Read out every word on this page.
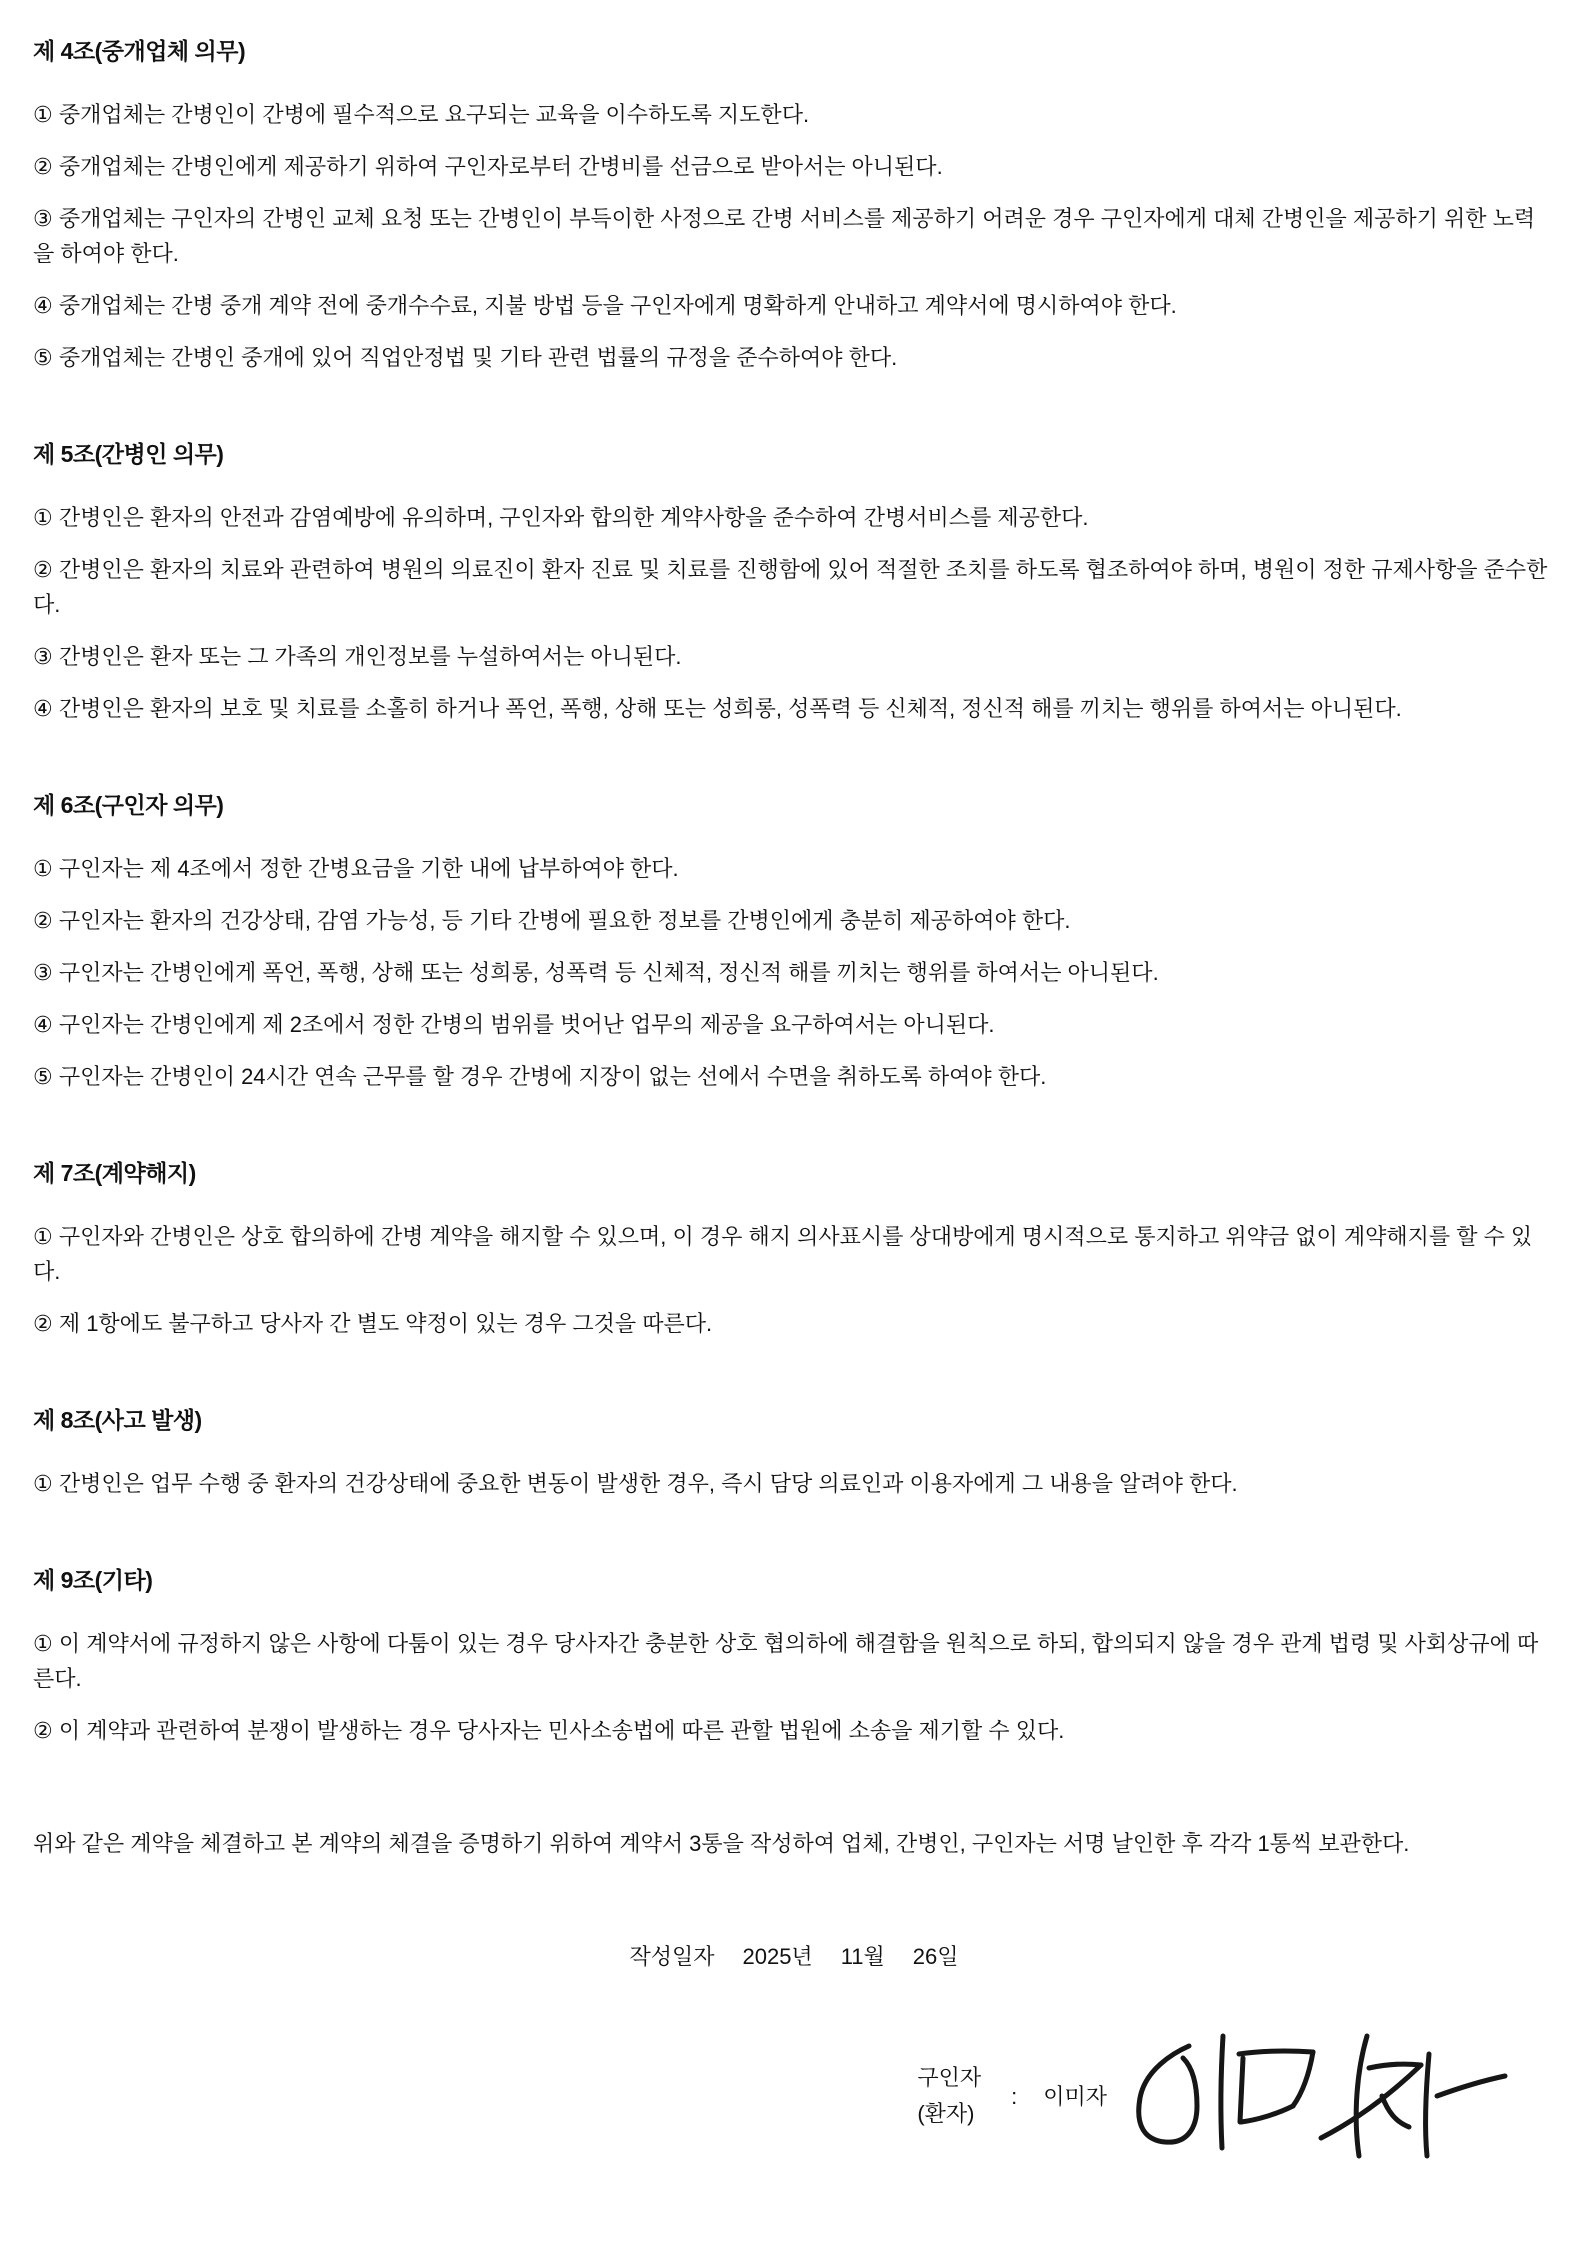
제 4조(중개업체 의무)

① 중개업체는 간병인이 간병에 필수적으로 요구되는 교육을 이수하도록 지도한다.

② 중개업체는 간병인에게 제공하기 위하여 구인자로부터 간병비를 선금으로 받아서는 아니된다.

③ 중개업체는 구인자의 간병인 교체 요청 또는 간병인이 부득이한 사정으로 간병 서비스를 제공하기 어려운 경우 구인자에게 대체 간병인을 제공하기 위한 노력을 하여야 한다.

④ 중개업체는 간병 중개 계약 전에 중개수수료, 지불 방법 등을 구인자에게 명확하게 안내하고 계약서에 명시하여야 한다.

⑤ 중개업체는 간병인 중개에 있어 직업안정법 및 기타 관련 법률의 규정을 준수하여야 한다.

제 5조(간병인 의무)

① 간병인은 환자의 안전과 감염예방에 유의하며, 구인자와 합의한 계약사항을 준수하여 간병서비스를 제공한다.

② 간병인은 환자의 치료와 관련하여 병원의 의료진이 환자 진료 및 치료를 진행함에 있어 적절한 조치를 하도록 협조하여야 하며, 병원이 정한 규제사항을 준수한다.

③ 간병인은 환자 또는 그 가족의 개인정보를 누설하여서는 아니된다.

④ 간병인은 환자의 보호 및 치료를 소홀히 하거나 폭언, 폭행, 상해 또는 성희롱, 성폭력 등 신체적, 정신적 해를 끼치는 행위를 하여서는 아니된다.

제 6조(구인자 의무)

① 구인자는 제 4조에서 정한 간병요금을 기한 내에 납부하여야 한다.

② 구인자는 환자의 건강상태, 감염 가능성, 등 기타 간병에 필요한 정보를 간병인에게 충분히 제공하여야 한다.

③ 구인자는 간병인에게 폭언, 폭행, 상해 또는 성희롱, 성폭력 등 신체적, 정신적 해를 끼치는 행위를 하여서는 아니된다.

④ 구인자는 간병인에게 제 2조에서 정한 간병의 범위를 벗어난 업무의 제공을 요구하여서는 아니된다.

⑤ 구인자는 간병인이 24시간 연속 근무를 할 경우 간병에 지장이 없는 선에서 수면을 취하도록 하여야 한다.

제 7조(계약해지)

① 구인자와 간병인은 상호 합의하에 간병 계약을 해지할 수 있으며, 이 경우 해지 의사표시를 상대방에게 명시적으로 통지하고 위약금 없이 계약해지를 할 수 있다.

② 제 1항에도 불구하고 당사자 간 별도 약정이 있는 경우 그것을 따른다.

제 8조(사고 발생)

① 간병인은 업무 수행 중 환자의 건강상태에 중요한 변동이 발생한 경우, 즉시 담당 의료인과 이용자에게 그 내용을 알려야 한다.

제 9조(기타)

① 이 계약서에 규정하지 않은 사항에 다툼이 있는 경우 당사자간 충분한 상호 협의하에 해결함을 원칙으로 하되, 합의되지 않을 경우 관계 법령 및 사회상규에 따른다.

② 이 계약과 관련하여 분쟁이 발생하는 경우 당사자는 민사소송법에 따른 관할 법원에 소송을 제기할 수 있다.

위와 같은 계약을 체결하고 본 계약의 체결을 증명하기 위하여 계약서 3통을 작성하여 업체, 간병인, 구인자는 서명 날인한 후 각각 1통씩 보관한다.

작성일자 2025년 11월 26일
구인자
(환자)
: 이미자
